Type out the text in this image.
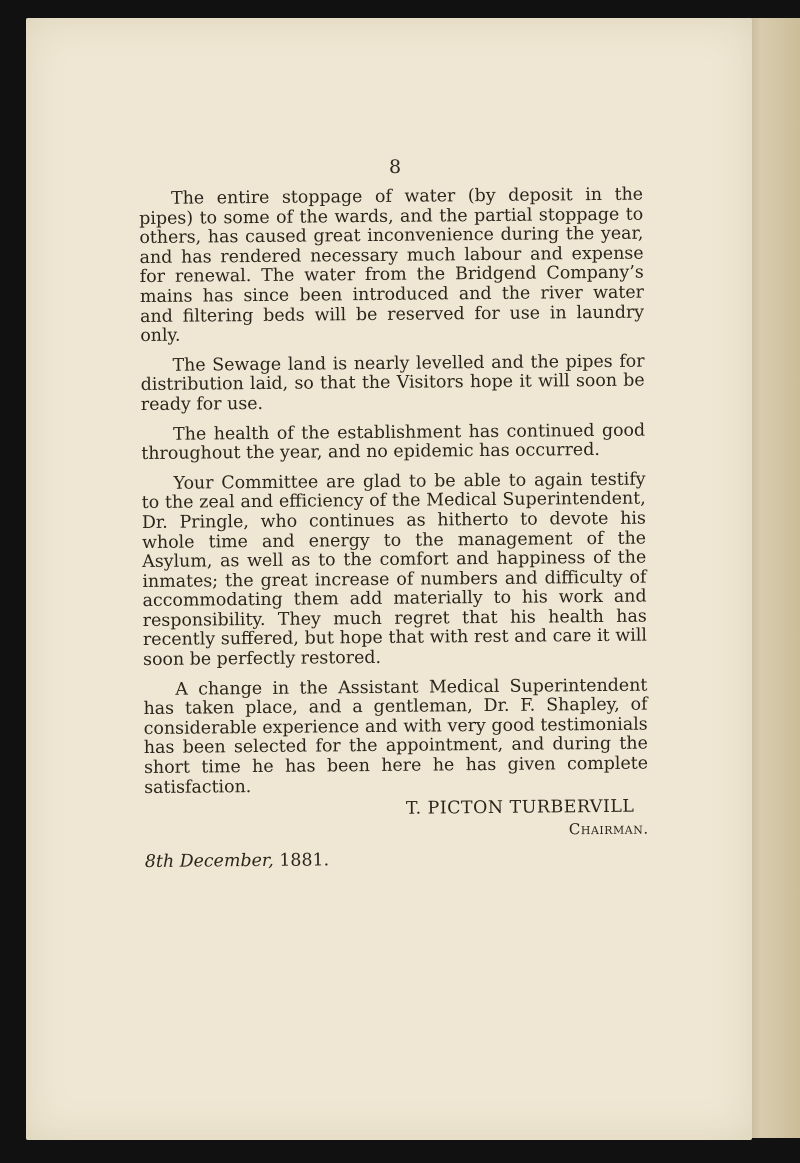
8

The entire stoppage of water (by deposit in the pipes) to some of the wards, and the partial stoppage to others, has caused great inconvenience during the year, and has rendered necessary much labour and expense for renewal. The water from the Bridgend Company’s mains has since been introduced and the river water and filtering beds will be reserved for use in laundry only.

The Sewage land is nearly levelled and the pipes for distribution laid, so that the Visitors hope it will soon be ready for use.

The health of the establishment has continued good throughout the year, and no epidemic has occurred.

Your Committee are glad to be able to again testify to the zeal and efficiency of the Medical Superintendent, Dr. Pringle, who continues as hitherto to devote his whole time and energy to the management of the Asylum, as well as to the comfort and happiness of the inmates; the great increase of numbers and difficulty of accommodating them add materially to his work and responsibility. They much regret that his health has recently suffered, but hope that with rest and care it will soon be perfectly restored.

A change in the Assistant Medical Superintendent has taken place, and a gentleman, Dr. F. Shapley, of considerable experience and with very good testimonials has been selected for the appointment, and during the short time he has been here he has given complete satisfaction.

T. PICTON TURBERVILL
Chairman.
8th December, 1881.
